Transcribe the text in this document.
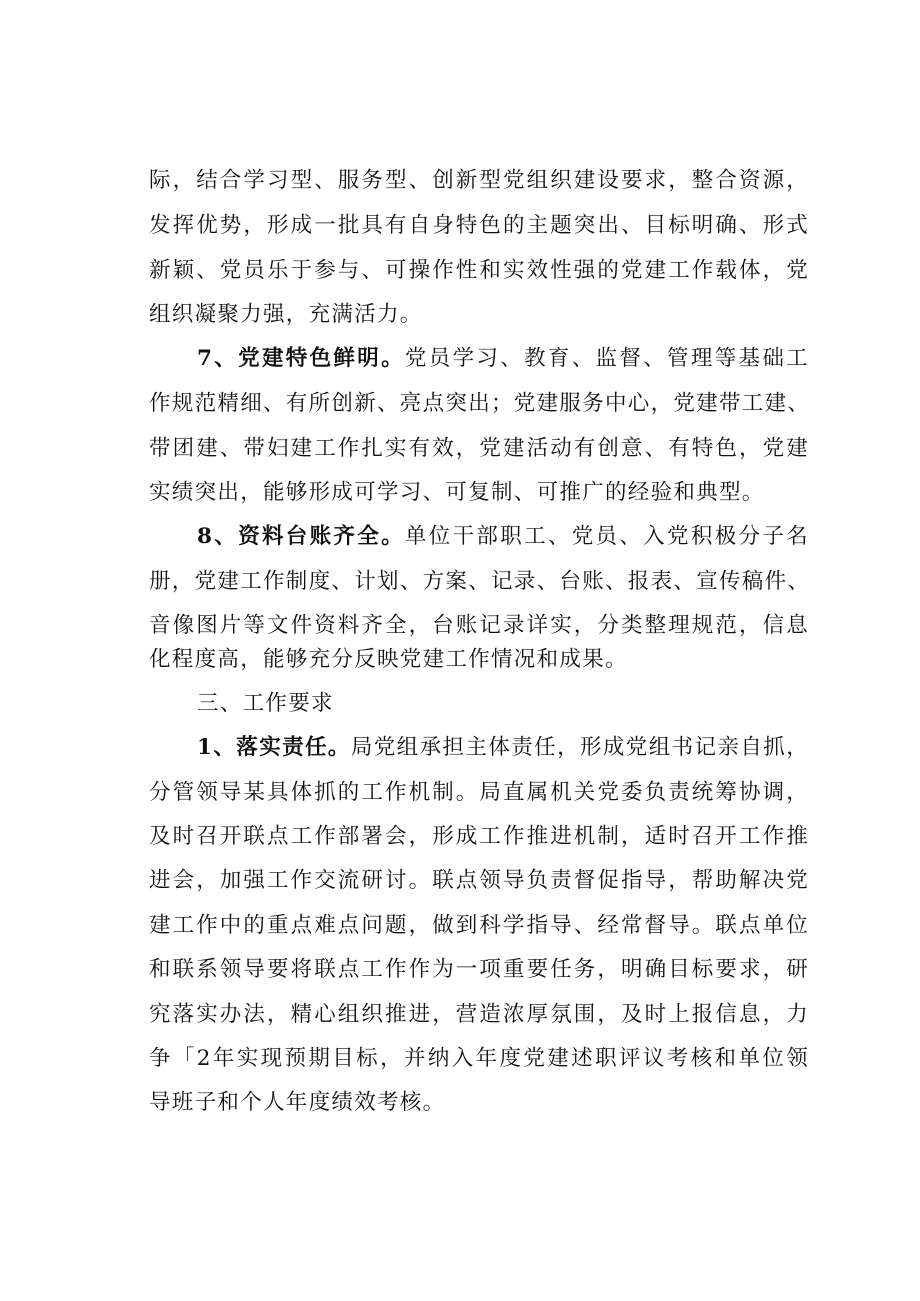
际，结合学习型、服务型、创新型党组织建设要求，整合资源，
发挥优势，形成一批具有自身特色的主题突出、目标明确、形式
新颖、党员乐于参与、可操作性和实效性强的党建工作载体，党
组织凝聚力强，充满活力。
7、党建特色鲜明。党员学习、教育、监督、管理等基础工
作规范精细、有所创新、亮点突出；党建服务中心，党建带工建、
带团建、带妇建工作扎实有效，党建活动有创意、有特色，党建
实绩突出，能够形成可学习、可复制、可推广的经验和典型。
8、资料台账齐全。单位干部职工、党员、入党积极分子名
册，党建工作制度、计划、方案、记录、台账、报表、宣传稿件、
音像图片等文件资料齐全，台账记录详实，分类整理规范，信息
化程度高，能够充分反映党建工作情况和成果。
三、工作要求
1、落实责任。局党组承担主体责任，形成党组书记亲自抓，
分管领导某具体抓的工作机制。局直属机关党委负责统筹协调，
及时召开联点工作部署会，形成工作推进机制，适时召开工作推
进会，加强工作交流研讨。联点领导负责督促指导，帮助解决党
建工作中的重点难点问题，做到科学指导、经常督导。联点单位
和联系领导要将联点工作作为一项重要任务，明确目标要求，研
究落实办法，精心组织推进，营造浓厚氛围，及时上报信息，力
争「2年实现预期目标，并纳入年度党建述职评议考核和单位领
导班子和个人年度绩效考核。
